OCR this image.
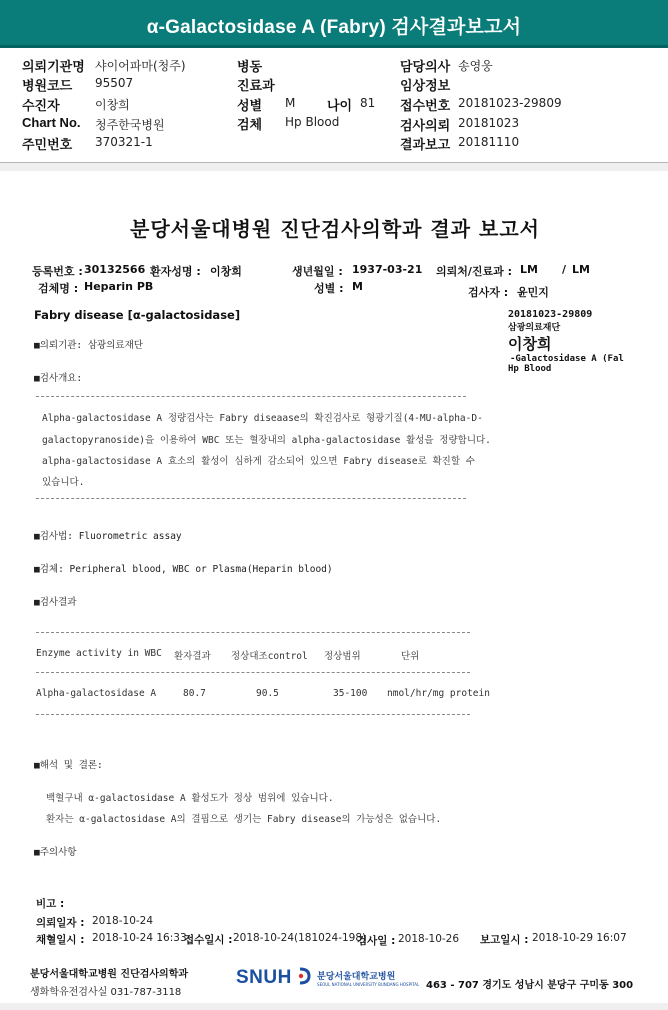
α-Galactosidase A (Fabry) 검사결과보고서
의뢰기관명 샤이어파마(청주)
병원코드 95507
수진자	이창희
Chart No. 청주한국병원
주민번호 370321-1
병동
진료과
성별 M 나이 81
검체 Hp Blood
담당의사 송영웅
임상정보
접수번호 20181023-29809
검사의뢰 20181023
결과보고 20181110
분당서울대병원 진단검사의학과 결과 보고서
등록번호 : 30132566 환자성명 : 이창희	생년월일 : 1937-03-21 의뢰처/진료과 : LM / LM
검체명 : Heparin PB	성별 : M	검사자 : 윤민지
Fabry disease [α-galactosidase]	20181023-29809
삼광의료재단
이창희
-Galactosidase A (Fal
Hp Blood
■의뢰기관: 삼광의료재단
■검사개요:
Alpha-galactosidase A 정량검사는 Fabry diseaase의 확진검사로 형광기질(4-MU-alpha-D-
galactopyranoside)을 이용하여 WBC 또는 혈장내의 alpha-galactosidase 활성을 정량합니다.
alpha-galactosidase A 효소의 활성이 심하게 감소되어 있으면 Fabry disease로 확진할 수
있습니다.
■검사법: Fluorometric assay
■검체: Peripheral blood, WBC or Plasma(Heparin blood)
■검사결과
Enzyme activity in WBC 환자결과 정상대조control 정상범위	단위
Alpha-galactosidase A	80.7	90.5	35-100 nmol/hr/mg protein
■해석 및 결론:
백혈구내 α-galactosidase A 활성도가 정상 범위에 있습니다.
환자는 α-galactosidase A의 결핍으로 생기는 Fabry disease의 가능성은 없습니다.
■주의사항
비고 :
의뢰일자 : 2018-10-24
채혈일시 : 2018-10-24 16:33
접수일시 : 2018-10-24(181024-198)
검사일 : 2018-10-26 보고일시 : 2018-10-29 16:07
분당서울대학교병원 진단검사의학과
생화학유전검사실 031-787-3118
SNUH	분당서울대학교병원
SEOUL NATIONAL UNIVERSITY BUNDANG HOSPITAL 463 - 707 경기도 성남시 분당구 구미동 300
